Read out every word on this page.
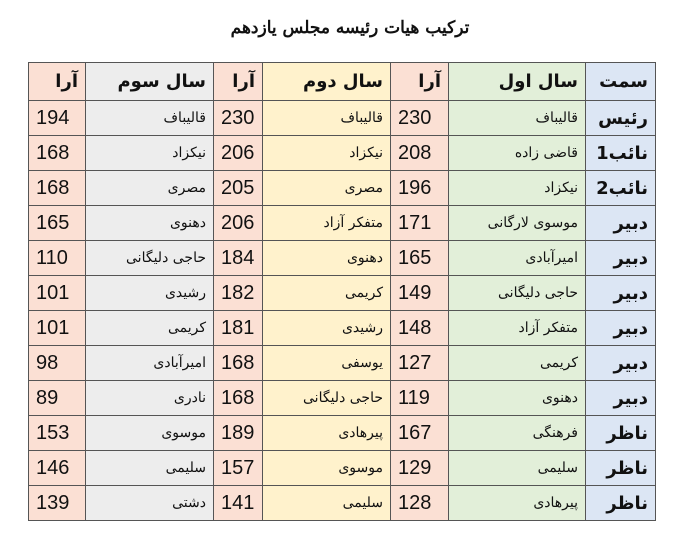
ترکیب هیات رئیسه مجلس یازدهم
سمت	سال اول	آرا	سال دوم	آرا	سال سوم	آرا
رئیس	قالیباف	230	قالیباف	230	قالیباف	194
نائب1	قاضی زاده	208	نیکزاد	206	نیکزاد	168
نائب2	نیکزاد	196	مصری	205	مصری	168
دبیر	موسوی لارگانی	171	متفکر آزاد	206	دهنوی	165
دبیر	امیرآبادی	165	دهنوی	184	حاجی دلیگانی	110
دبیر	حاجی دلیگانی	149	کریمی	182	رشیدی	101
دبیر	متفکر آزاد	148	رشیدی	181	کریمی	101
دبیر	کریمی	127	یوسفی	168	امیرآبادی	98
دبیر	دهنوی	119	حاجی دلیگانی	168	نادری	89
ناظر	فرهنگی	167	پیرهادی	189	موسوی	153
ناظر	سلیمی	129	موسوی	157	سلیمی	146
ناظر	پیرهادی	128	سلیمی	141	دشتی	139
